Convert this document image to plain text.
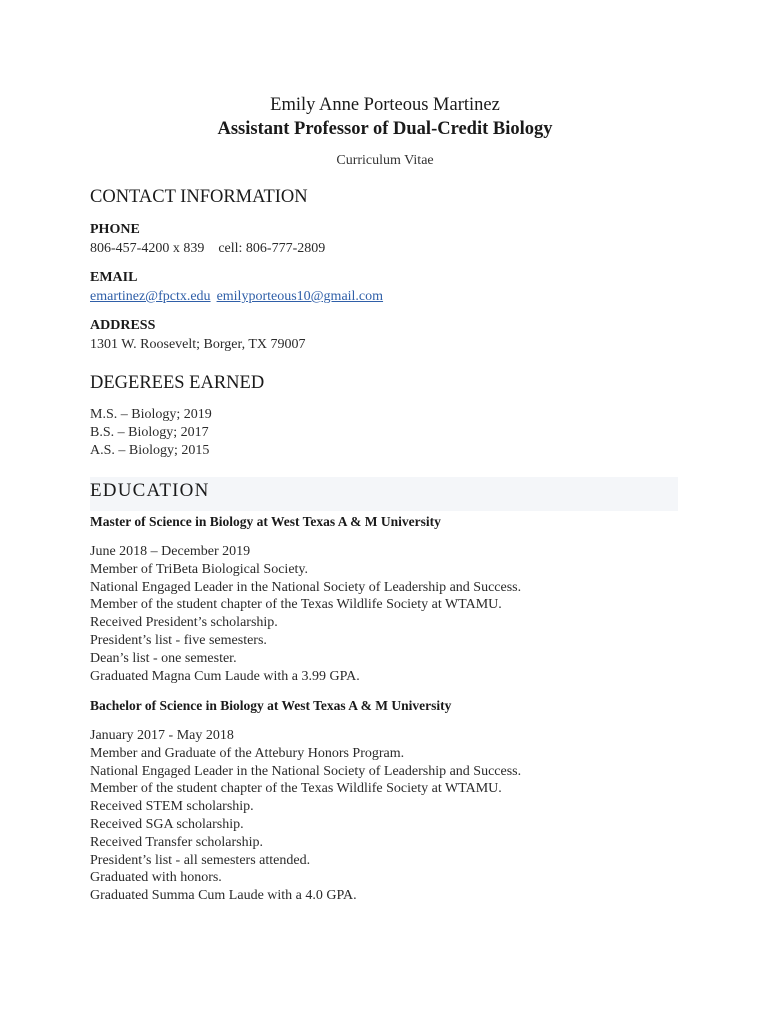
Emily Anne Porteous Martinez
Assistant Professor of Dual-Credit Biology
Curriculum Vitae
CONTACT INFORMATION
PHONE
806-457-4200 x 839 cell: 806-777-2809
EMAIL
emartinez@fpctx.edu emilyporteous10@gmail.com
ADDRESS
1301 W. Roosevelt; Borger, TX 79007
DEGEREES EARNED
M.S. – Biology; 2019
B.S. – Biology; 2017
A.S. – Biology; 2015
EDUCATION
Master of Science in Biology at West Texas A & M University
June 2018 – December 2019
Member of TriBeta Biological Society.
National Engaged Leader in the National Society of Leadership and Success.
Member of the student chapter of the Texas Wildlife Society at WTAMU.
Received President’s scholarship.
President’s list - five semesters.
Dean’s list - one semester.
Graduated Magna Cum Laude with a 3.99 GPA.
Bachelor of Science in Biology at West Texas A & M University
January 2017 - May 2018
Member and Graduate of the Attebury Honors Program.
National Engaged Leader in the National Society of Leadership and Success.
Member of the student chapter of the Texas Wildlife Society at WTAMU.
Received STEM scholarship.
Received SGA scholarship.
Received Transfer scholarship.
President’s list - all semesters attended.
Graduated with honors.
Graduated Summa Cum Laude with a 4.0 GPA.
